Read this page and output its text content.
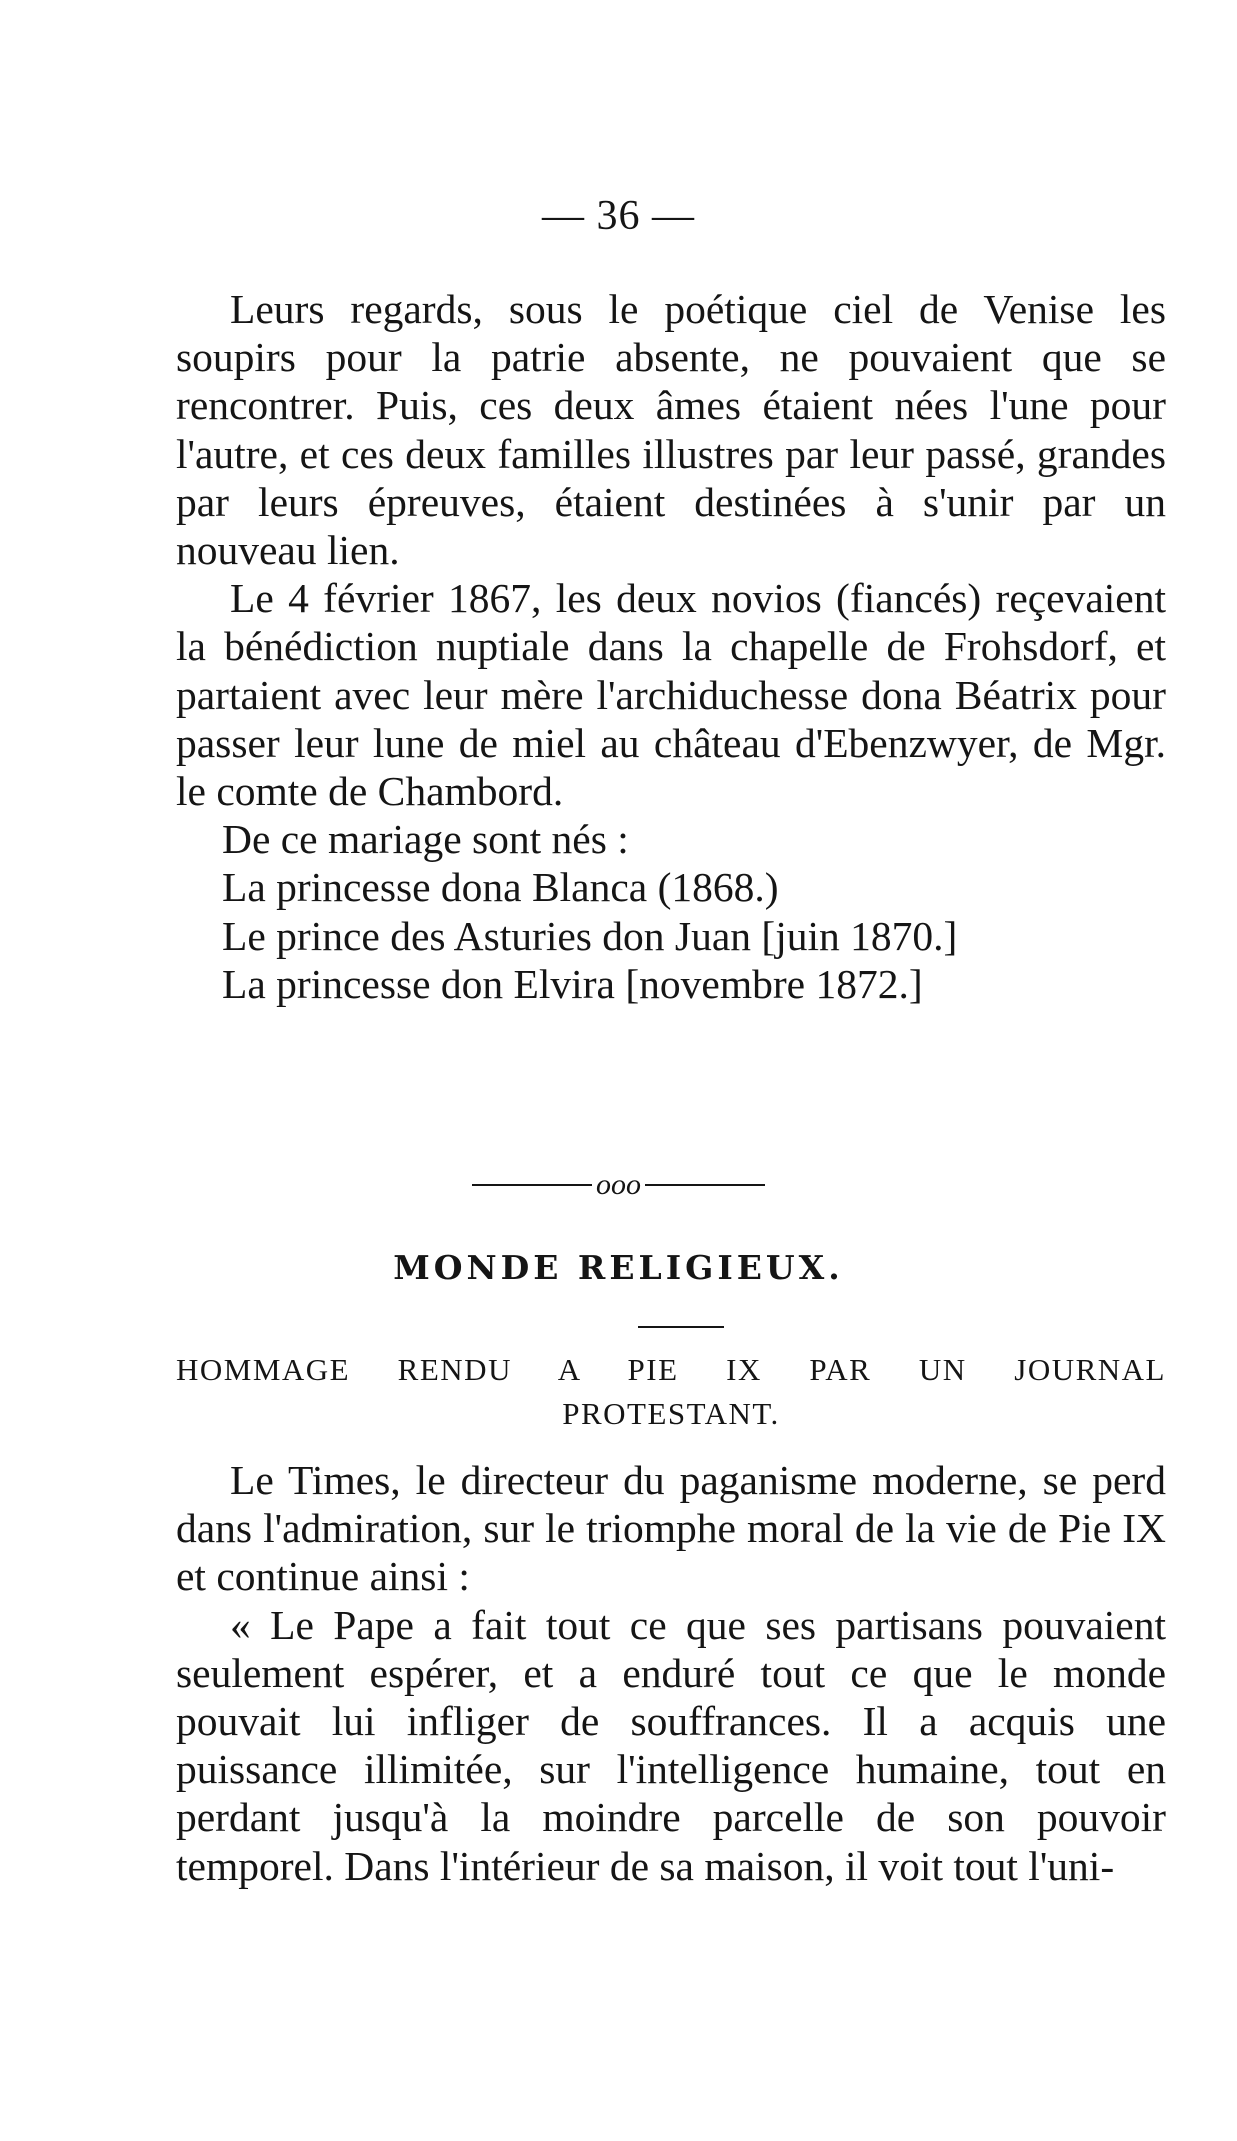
— 36 —

Leurs regards, sous le poétique ciel de Venise les soupirs pour la patrie absente, ne pouvaient que se rencontrer. Puis, ces deux âmes étaient nées l'une pour l'autre, et ces deux familles illustres par leur passé, grandes par leurs épreuves, étaient destinées à s'unir par un nouveau lien.

Le 4 février 1867, les deux novios (fiancés) reçevaient la bénédiction nuptiale dans la chapelle de Frohsdorf, et partaient avec leur mère l'archiduchesse dona Béatrix pour passer leur lune de miel au château d'Ebenzwyer, de Mgr. le comte de Chambord.

De ce mariage sont nés :

La princesse dona Blanca (1868.)

Le prince des Asturies don Juan [juin 1870.]

La princesse don Elvira [novembre 1872.]

ooo
MONDE RELIGIEUX.
HOMMAGE RENDU A PIE IX PAR UN JOURNAL
PROTESTANT.

Le Times, le directeur du paganisme moderne, se perd dans l'admiration, sur le triomphe moral de la vie de Pie IX et continue ainsi :

« Le Pape a fait tout ce que ses partisans pouvaient seulement espérer, et a enduré tout ce que le monde pouvait lui infliger de souffrances. Il a acquis une puissance illimitée, sur l'intelligence humaine, tout en perdant jusqu'à la moindre parcelle de son pouvoir temporel. Dans l'intérieur de sa maison, il voit tout l'uni-
